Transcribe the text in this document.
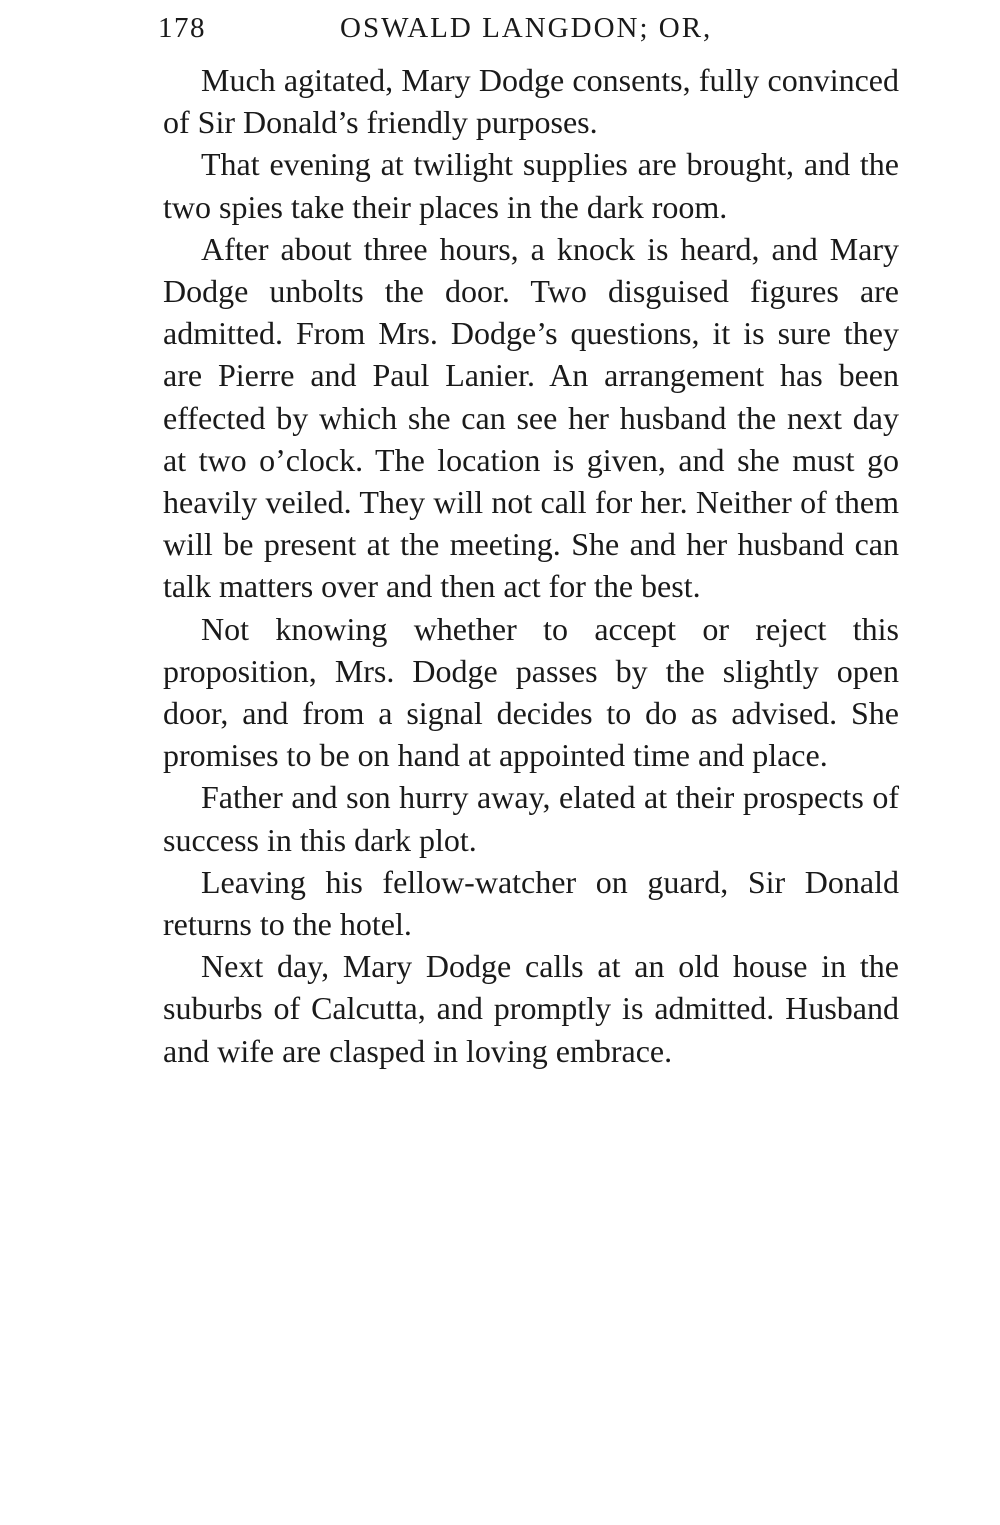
178	OSWALD LANGDON; OR,

Much agitated, Mary Dodge consents, fully convinced of Sir Donald’s friendly purposes.

That evening at twilight supplies are brought, and the two spies take their places in the dark room.

After about three hours, a knock is heard, and Mary Dodge unbolts the door. Two disguised figures are admitted. From Mrs. Dodge’s questions, it is sure they are Pierre and Paul Lanier. An arrangement has been effected by which she can see her husband the next day at two o’clock. The location is given, and she must go heavily veiled. They will not call for her. Neither of them will be present at the meeting. She and her husband can talk matters over and then act for the best.

Not knowing whether to accept or reject this proposition, Mrs. Dodge passes by the slightly open door, and from a signal decides to do as advised. She promises to be on hand at appointed time and place.

Father and son hurry away, elated at their prospects of success in this dark plot.

Leaving his fellow-watcher on guard, Sir Donald returns to the hotel.

Next day, Mary Dodge calls at an old house in the suburbs of Calcutta, and promptly is admitted. Husband and wife are clasped in loving embrace.
